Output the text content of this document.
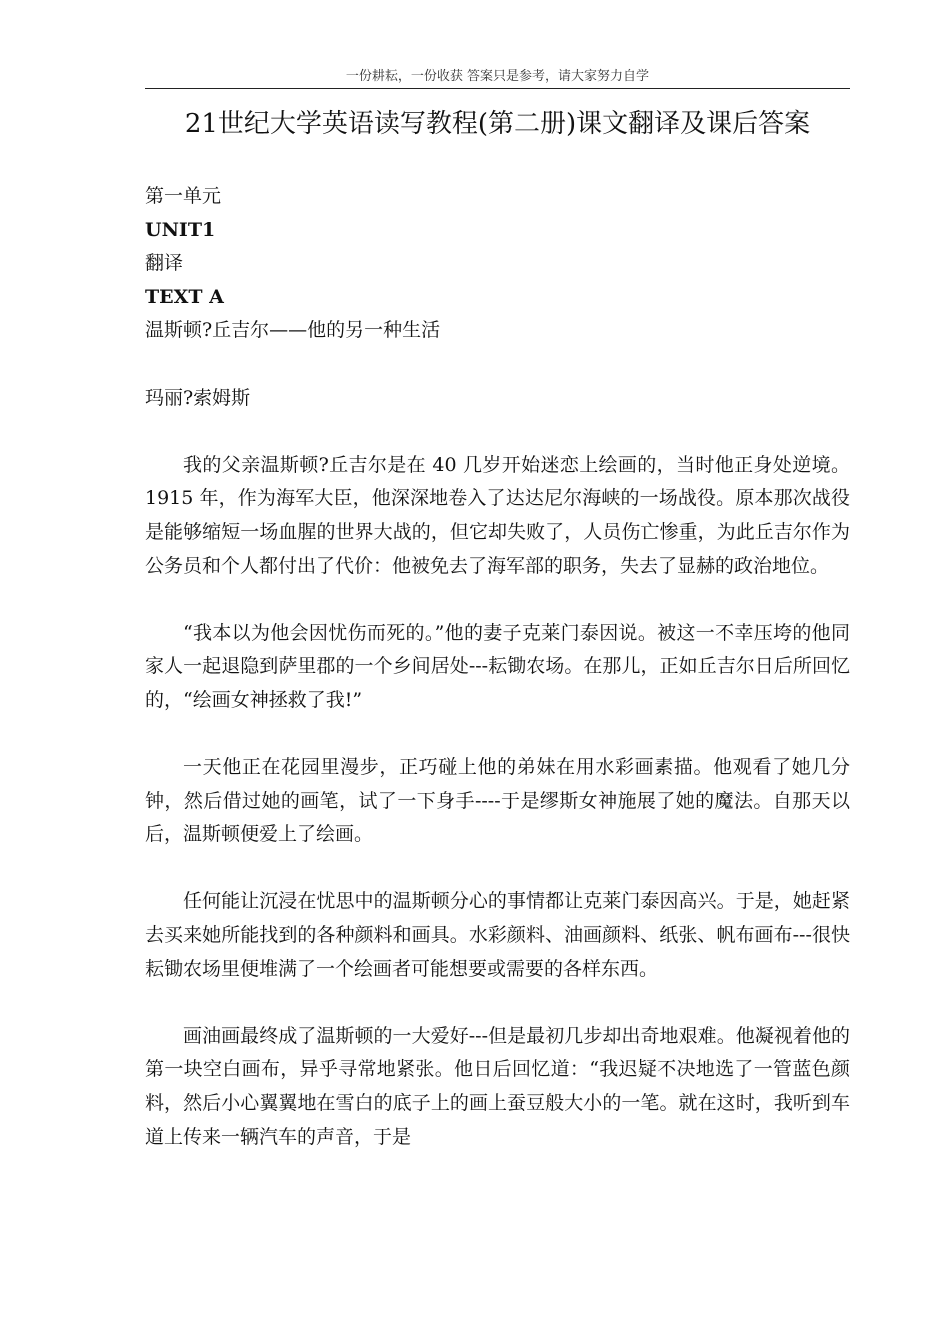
一份耕耘，一份收获 答案只是参考，请大家努力自学
21世纪大学英语读写教程(第二册)课文翻译及课后答案

第一单元

UNIT1

翻译

TEXT A

温斯顿?丘吉尔——他的另一种生活

玛丽?索姆斯

我的父亲温斯顿?丘吉尔是在 40 几岁开始迷恋上绘画的，当时他正身处逆境。1915 年，作为海军大臣，他深深地卷入了达达尼尔海峡的一场战役。原本那次战役是能够缩短一场血腥的世界大战的，但它却失败了，人员伤亡惨重，为此丘吉尔作为公务员和个人都付出了代价：他被免去了海军部的职务，失去了显赫的政治地位。

“我本以为他会因忧伤而死的。”他的妻子克莱门泰因说。被这一不幸压垮的他同家人一起退隐到萨里郡的一个乡间居处---耘锄农场。在那儿，正如丘吉尔日后所回忆的，“绘画女神拯救了我!”

一天他正在花园里漫步，正巧碰上他的弟妹在用水彩画素描。他观看了她几分钟，然后借过她的画笔，试了一下身手----于是缪斯女神施展了她的魔法。自那天以后，温斯顿便爱上了绘画。

任何能让沉浸在忧思中的温斯顿分心的事情都让克莱门泰因高兴。于是，她赶紧去买来她所能找到的各种颜料和画具。水彩颜料、油画颜料、纸张、帆布画布---很快耘锄农场里便堆满了一个绘画者可能想要或需要的各样东西。

画油画最终成了温斯顿的一大爱好---但是最初几步却出奇地艰难。他凝视着他的第一块空白画布，异乎寻常地紧张。他日后回忆道：“我迟疑不决地选了一管蓝色颜料，然后小心翼翼地在雪白的底子上的画上蚕豆般大小的一笔。就在这时，我听到车道上传来一辆汽车的声音，于是
